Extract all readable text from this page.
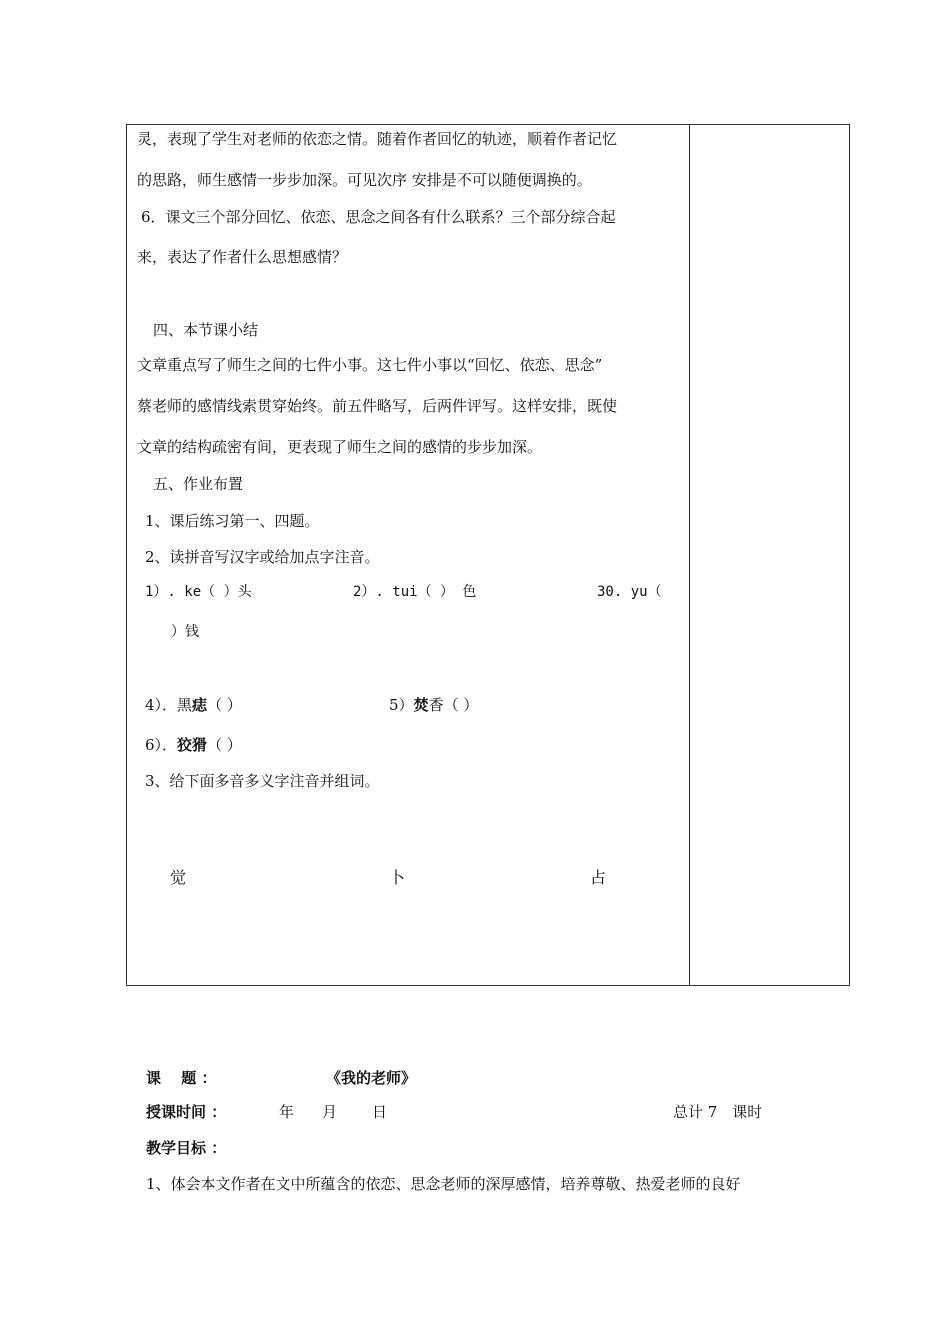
灵，表现了学生对老师的依恋之情。随着作者回忆的轨迹，顺着作者记忆
的思路，师生感情一步步加深。可见次序 安排是不可以随便调换的。
6．课文三个部分回忆、依恋、思念之间各有什么联系？三个部分综合起
来，表达了作者什么思想感情？
四、本节课小结
文章重点写了师生之间的七件小事。这七件小事以“回忆、依恋、思念”
蔡老师的感情线索贯穿始终。前五件略写，后两件评写。这样安排，既使
文章的结构疏密有间，更表现了师生之间的感情的步步加深。
五、作业布置
1、课后练习第一、四题。
2、读拼音写汉字或给加点字注音。
1）. ke（ ）头	2）. tui（ ） 色	30. yu（
）钱
4）．黑痣（ ）	5）焚香（ ）
6）．狡猾（ ）
3、给下面多音多义字注音并组词。
觉	卜	占
课　 题 ：	《我的老师》
授课时间 ：	年 月 日	总计 7　课时
教学目标 ：
1、体会本文作者在文中所蕴含的依恋、思念老师的深厚感情，培养尊敬、热爱老师的良好
